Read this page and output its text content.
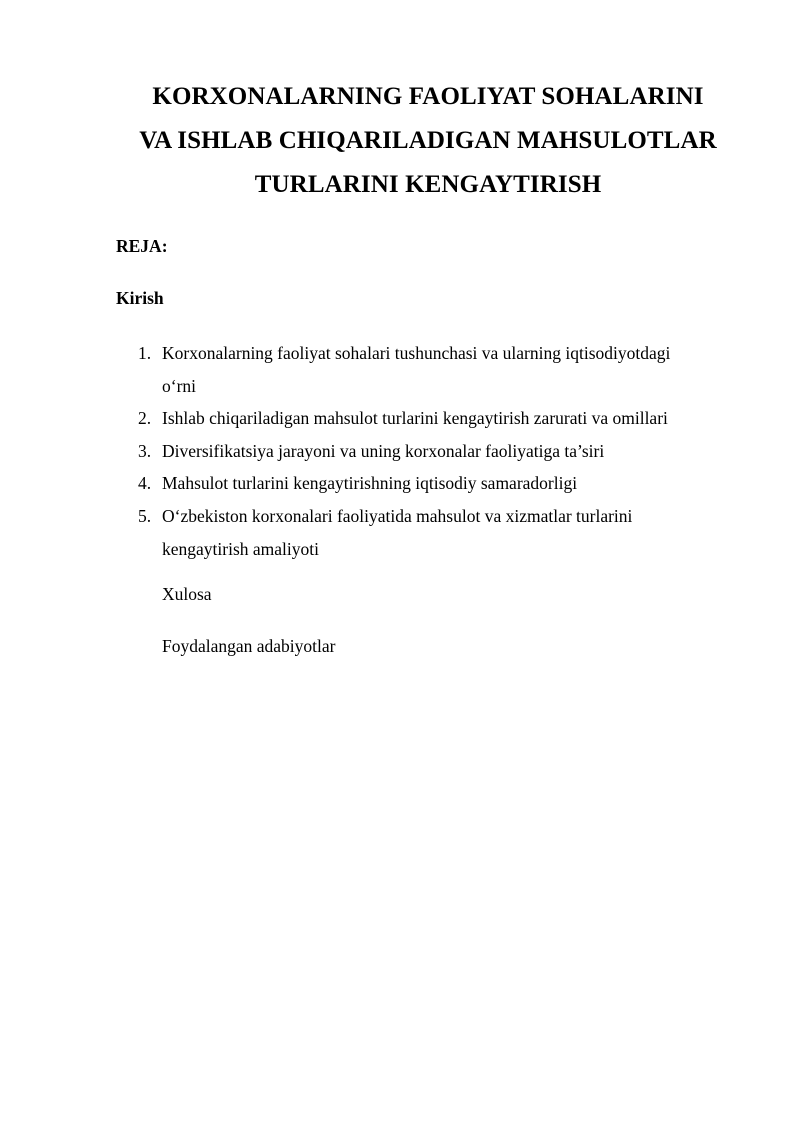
KORXONALARNING FAOLIYAT SOHALARINI
VA ISHLAB CHIQARILADIGAN MAHSULOTLAR
TURLARINI KENGAYTIRISH

REJA:

Kirish

1. Korxonalarning faoliyat sohalari tushunchasi va ularning iqtisodiyotdagi
o‘rni
2. Ishlab chiqariladigan mahsulot turlarini kengaytirish zarurati va omillari
3. Diversifikatsiya jarayoni va uning korxonalar faoliyatiga ta’siri
4. Mahsulot turlarini kengaytirishning iqtisodiy samaradorligi
5. O‘zbekiston korxonalari faoliyatida mahsulot va xizmatlar turlarini
kengaytirish amaliyoti

Xulosa

Foydalangan adabiyotlar
